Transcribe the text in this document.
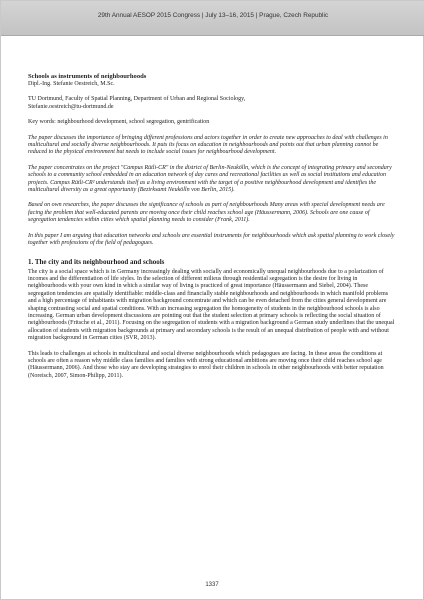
29th Annual AESOP 2015 Congress | July 13–16, 2015 | Prague, Czech Republic
Schools as instruments of neighbourhoods
Dipl.-Ing. Stefanie Oestreich, M.Sc.
TU Dortmund, Faculty of Spatial Planning, Department of Urban and Regional Sociology,
Stefanie.oestreich@tu-dortmund.de
Key words: neighbourhood development, school segregation, gentrification

The paper discusses the importance of bringing different professions and actors together in order to create new approaches to deal with challenges in multicultural and socially diverse neighbourhoods. It puts its focus on education in neighbourhoods and points out that urban planning cannot be reduced to the physical environment but needs to include social issues for neighbourhood development.

The paper concentrates on the project "Campus Rütli-CR" in the district of Berlin-Neukölln, which is the concept of integrating primary and secondary schools to a community school embedded in an education network of day cares and recreational facilities as well as social institutions and education projects. Campus Rütli-CR² understands itself as a living environment with the target of a positive neighbourhood development and identifies the multicultural diversity as a great opportunity (Bezirksamt Neukölln von Berlin, 2015).

Based on own researches, the paper discusses the significance of schools as part of neighbourhoods Many areas with special development needs are facing the problem that well-educated parents are moving once their child reaches school age (Häussermann, 2006). Schools are one cause of segregation tendencies within cities which spatial planning needs to consider (Frank, 2011).

In this paper I am arguing that education networks and schools are essential instruments for neighbourhoods which ask spatial planning to work closely together with professions of the field of pedagogues.

1. The city and its neighbourhood and schools

The city is a social space which is in Germany increasingly dealing with socially and economically unequal neighbourhoods due to a polarization of incomes and the differentiation of life styles. In the selection of different milieus through residential segregation is the desire for living in neighbourhoods with your own kind in which a similar way of living is practiced of great importance (Häussermann and Siebel, 2004). These segregation tendencies are spatially identifiable: middle-class and financially stable neighbourhoods and neighbourhoods in which manifold problems and a high percentage of inhabitants with migration background concentrate and which can be even detached from the cities general development are shaping contrasting social and spatial conditions. With an increasing segregation the homogeneity of students in the neighbourhood schools is also increasing. German urban development discussions are pointing out that the student selection at primary schools is reflecting the social situation of neighbourhoods (Fritsche et al., 2011). Focusing on the segregation of students with a migration background a German study underlines that the unequal allocation of students with migration backgrounds at primary and secondary schools is the result of an unequal distribution of people with and without migration background in German cities (SVR, 2013).

This leads to challenges at schools in multicultural and social diverse neighbourhoods which pedagogues are facing. In these areas the conditions at schools are often a reason why middle class families and families with strong educational ambitions are moving once their child reaches school age (Häussermann, 2006). And those who stay are developing strategies to enrol their children in schools in other neighbourhoods with better reputation (Noreisch, 2007, Simon-Philipp, 2011).

1337
